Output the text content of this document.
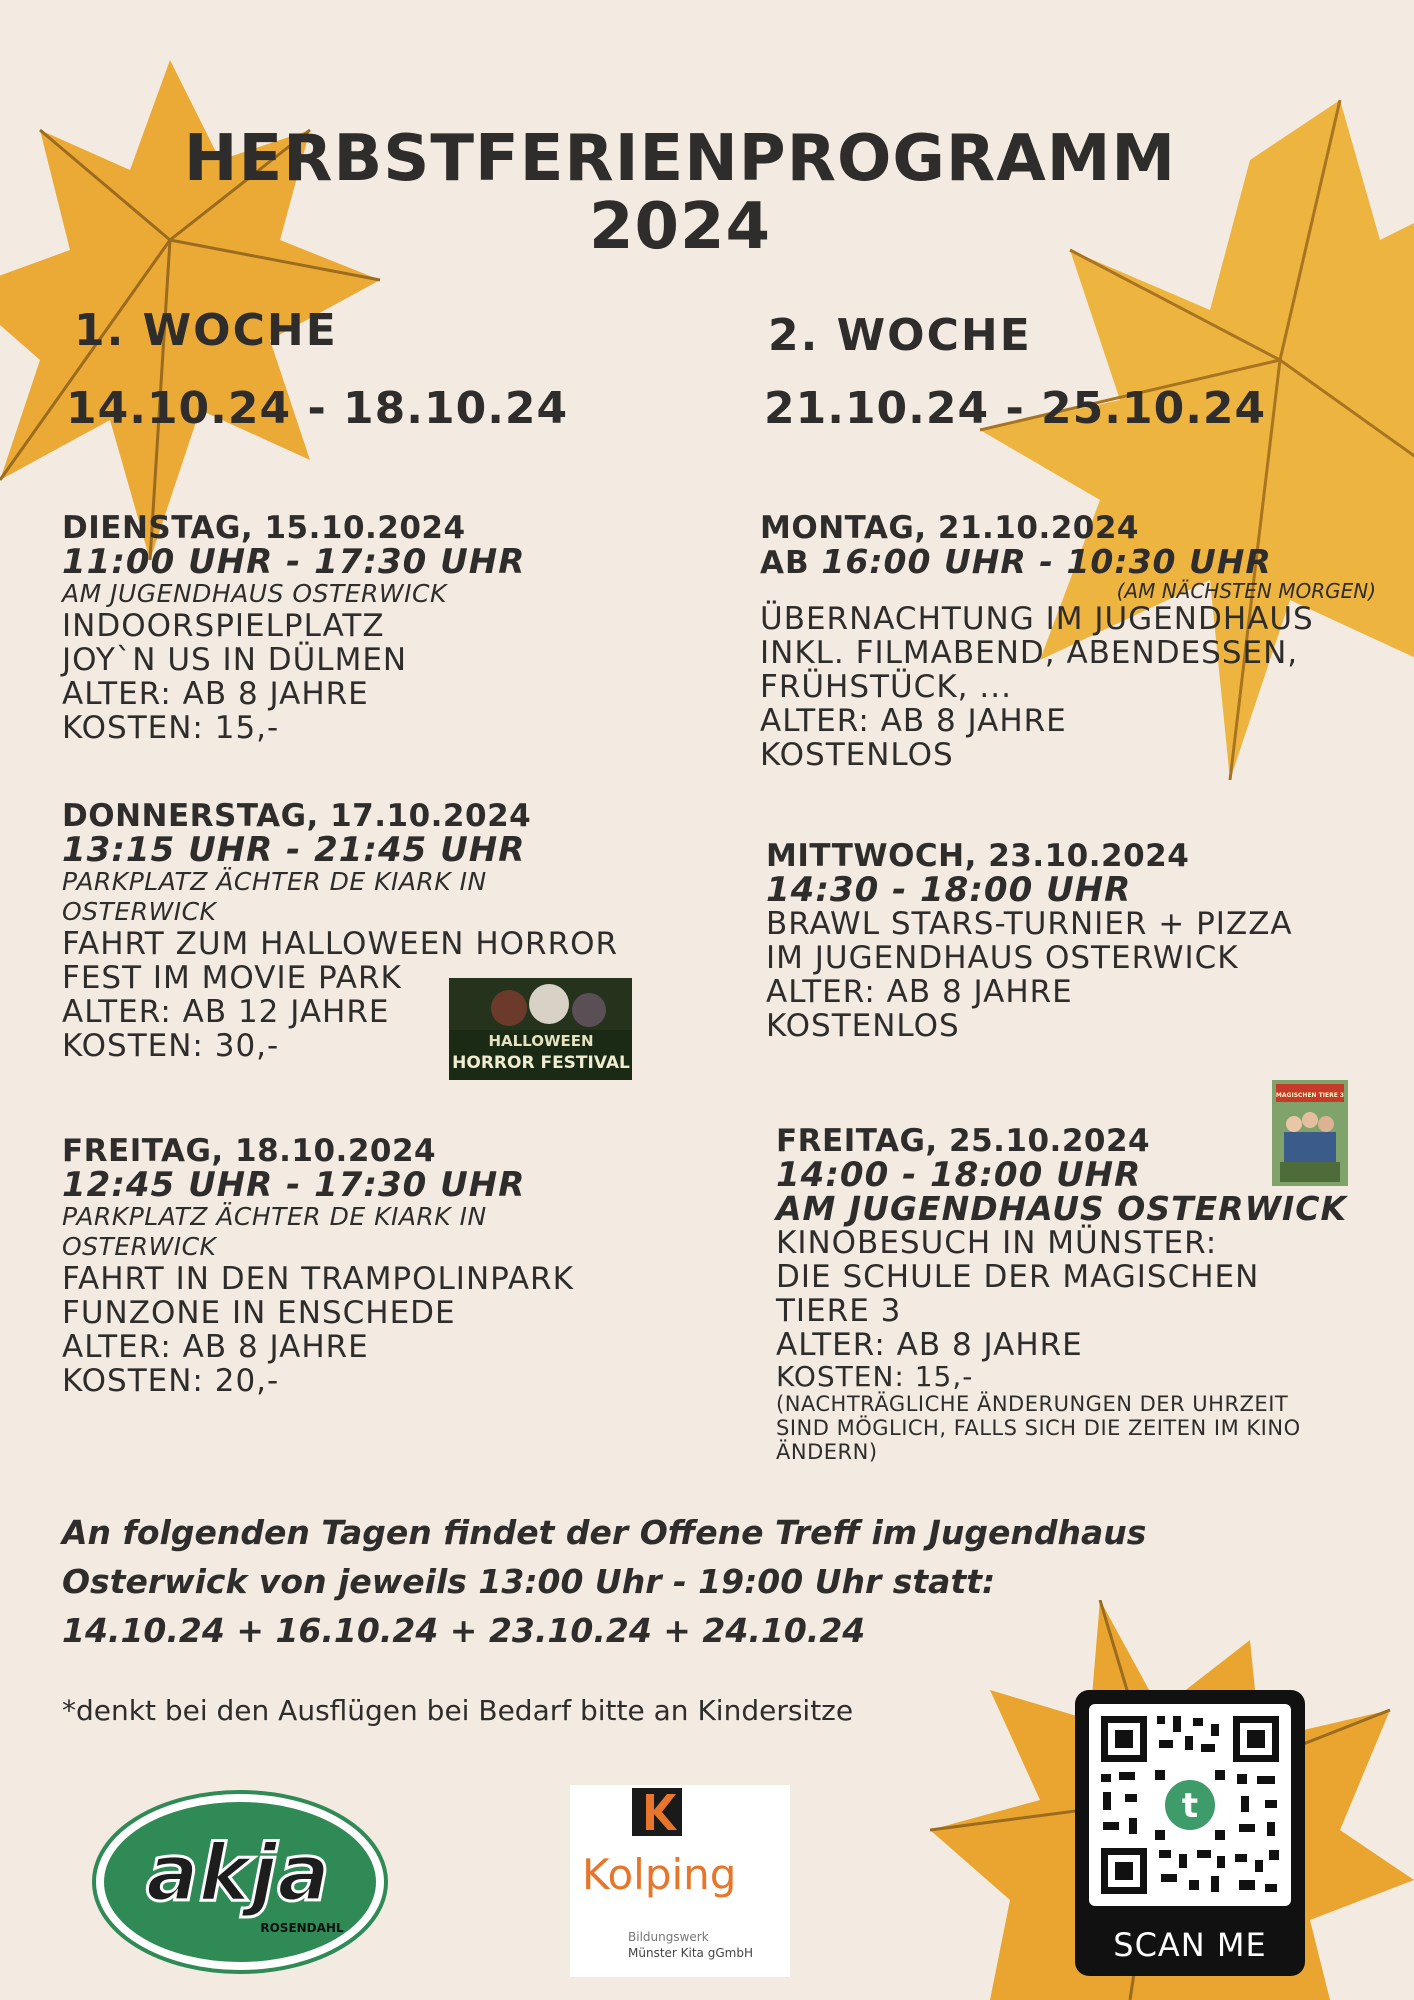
HERBSTFERIENPROGRAMM
2024
1. WOCHE
14.10.24 - 18.10.24
2. WOCHE
21.10.24 - 25.10.24
DIENSTAG, 15.10.2024
11:00 UHR - 17:30 UHR
AM JUGENDHAUS OSTERWICK
INDOORSPIELPLATZ
JOY`N US IN DÜLMEN
ALTER: AB 8 JAHRE
KOSTEN: 15,-
DONNERSTAG, 17.10.2024
13:15 UHR - 21:45 UHR
PARKPLATZ ÄCHTER DE KIARK IN
OSTERWICK
FAHRT ZUM HALLOWEEN HORROR
FEST IM MOVIE PARK
ALTER: AB 12 JAHRE
KOSTEN: 30,-	HALLOWEEN
HORROR FESTIVAL
FREITAG, 18.10.2024
12:45 UHR - 17:30 UHR
PARKPLATZ ÄCHTER DE KIARK IN
OSTERWICK
FAHRT IN DEN TRAMPOLINPARK
FUNZONE IN ENSCHEDE
ALTER: AB 8 JAHRE
KOSTEN: 20,-
MONTAG, 21.10.2024
AB 16:00 UHR - 10:30 UHR
(AM NÄCHSTEN MORGEN)
ÜBERNACHTUNG IM JUGENDHAUS
INKL. FILMABEND, ABENDESSEN,
FRÜHSTÜCK, ...
ALTER: AB 8 JAHRE
KOSTENLOS
MITTWOCH, 23.10.2024
14:30 - 18:00 UHR
BRAWL STARS-TURNIER + PIZZA
IM JUGENDHAUS OSTERWICK
ALTER: AB 8 JAHRE
KOSTENLOS
MAGISCHEN TIERE 3
FREITAG, 25.10.2024
14:00 - 18:00 UHR
AM JUGENDHAUS OSTERWICK
KINOBESUCH IN MÜNSTER:
DIE SCHULE DER MAGISCHEN
TIERE 3
ALTER: AB 8 JAHRE
KOSTEN: 15,-
(NACHTRÄGLICHE ÄNDERUNGEN DER UHRZEIT
SIND MÖGLICH, FALLS SICH DIE ZEITEN IM KINO
ÄNDERN)
An folgenden Tagen findet der Offene Treff im Jugendhaus
Osterwick von jeweils 13:00 Uhr - 19:00 Uhr statt:
14.10.24 + 16.10.24 + 23.10.24 + 24.10.24
*denkt bei den Ausflügen bei Bedarf bitte an Kindersitze
akja
ROSENDAHL
Kolping
Bildungswerk
Münster Kita gGmbH
t
SCAN ME
